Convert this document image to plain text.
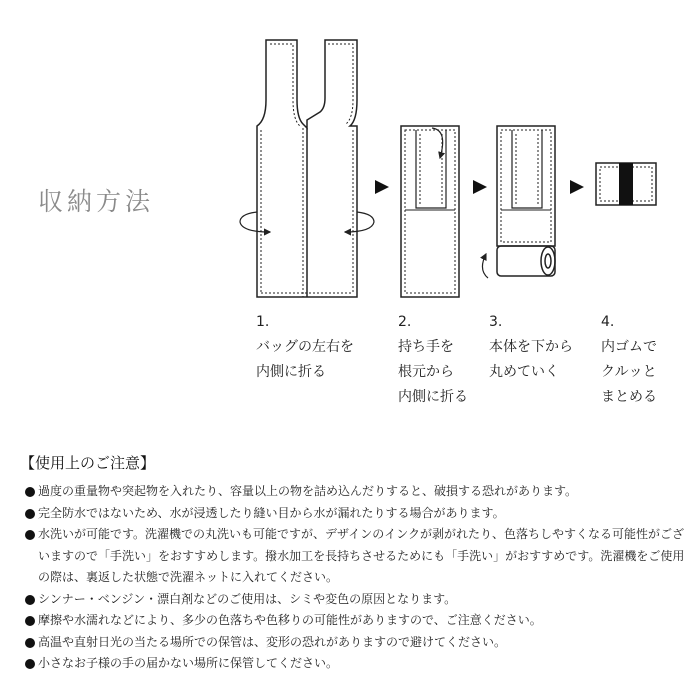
収納方法
1.
バッグの左右を
内側に折る
2.
持ち手を
根元から
内側に折る
3.
本体を下から
丸めていく
4.
内ゴムで
クルッと
まとめる
【使用上のご注意】
過度の重量物や突起物を入れたり、容量以上の物を詰め込んだりすると、破損する恐れがあります。
完全防水ではないため、水が浸透したり縫い目から水が漏れたりする場合があります。
水洗いが可能です。洗濯機での丸洗いも可能ですが、デザインのインクが剥がれたり、色落ちしやすくなる可能性がございますので「手洗い」をおすすめします。撥水加工を長持ちさせるためにも「手洗い」がおすすめです。洗濯機をご使用の際は、裏返した状態で洗濯ネットに入れてください。
シンナー・ベンジン・漂白剤などのご使用は、シミや変色の原因となります。
摩擦や水濡れなどにより、多少の色落ちや色移りの可能性がありますので、ご注意ください。
高温や直射日光の当たる場所での保管は、変形の恐れがありますので避けてください。
小さなお子様の手の届かない場所に保管してください。
